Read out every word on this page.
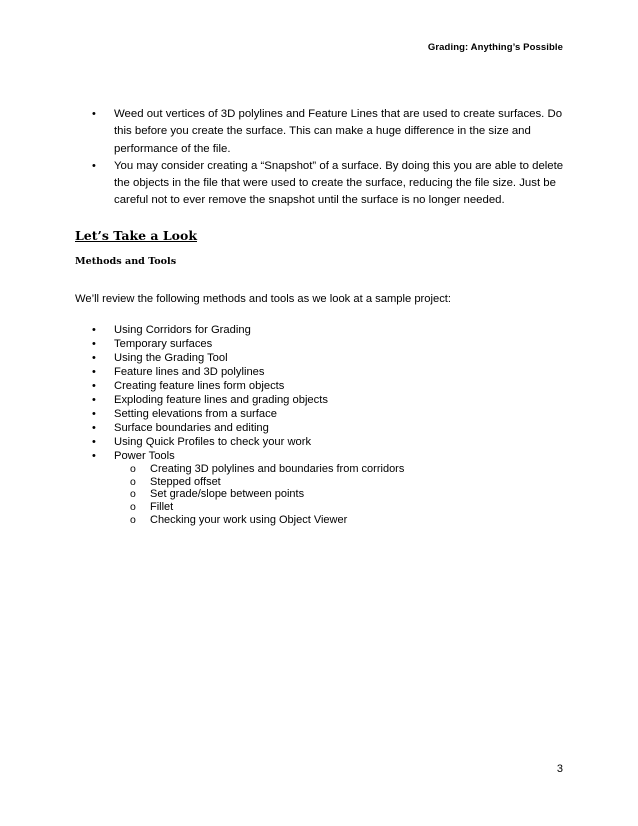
Grading: Anything’s Possible
• Weed out vertices of 3D polylines and Feature Lines that are used to create surfaces. Do this before you create the surface. This can make a huge difference in the size and performance of the file.
• You may consider creating a “Snapshot” of a surface. By doing this you are able to delete the objects in the file that were used to create the surface, reducing the file size. Just be careful not to ever remove the snapshot until the surface is no longer needed.
Let’s Take a Look
Methods and Tools
We’ll review the following methods and tools as we look at a sample project:
• Using Corridors for Grading
• Temporary surfaces
• Using the Grading Tool
• Feature lines and 3D polylines
• Creating feature lines form objects
• Exploding feature lines and grading objects
• Setting elevations from a surface
• Surface boundaries and editing
• Using Quick Profiles to check your work
• Power Tools
o Creating 3D polylines and boundaries from corridors
o Stepped offset
o Set grade/slope between points
o Fillet
o Checking your work using Object Viewer
3
